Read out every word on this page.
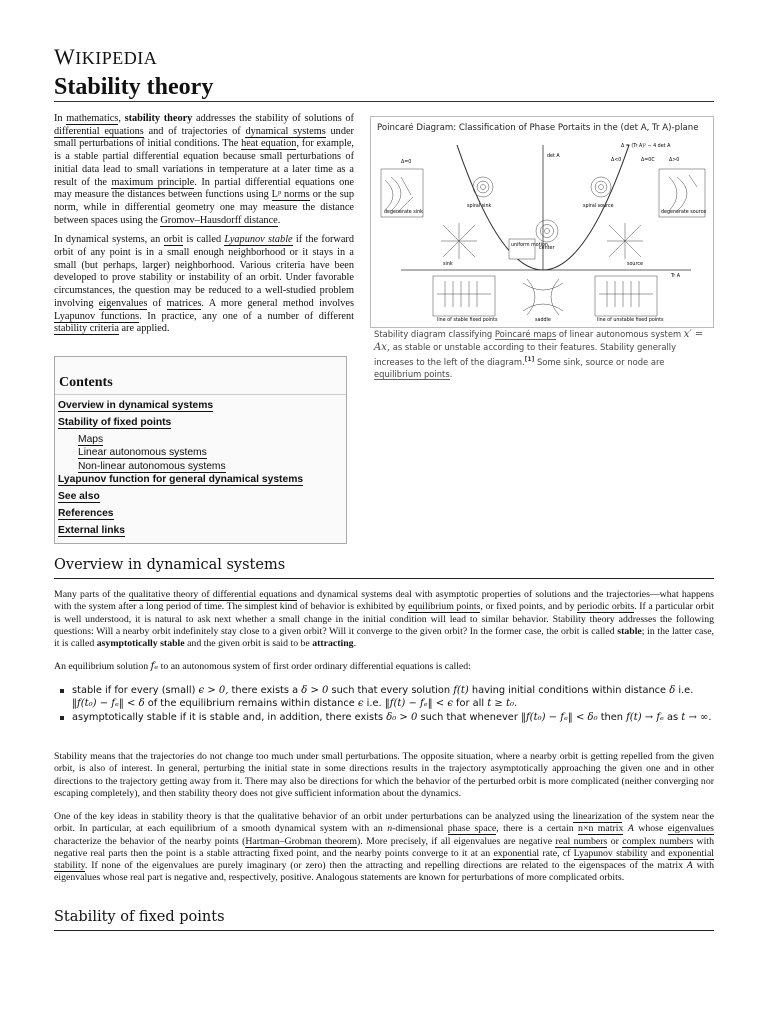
WIKIPEDIA
Stability theory

In mathematics, stability theory addresses the stability of solutions of differential equations and of trajectories of dynamical systems under small perturbations of initial conditions. The heat equation, for example, is a stable partial differential equation because small perturbations of initial data lead to small variations in temperature at a later time as a result of the maximum principle. In partial differential equations one may measure the distances between functions using Lᵖ norms or the sup norm, while in differential geometry one may measure the distance between spaces using the Gromov–Hausdorff distance.

In dynamical systems, an orbit is called Lyapunov stable if the forward orbit of any point is in a small enough neighborhood or it stays in a small (but perhaps, larger) neighborhood. Various criteria have been developed to prove stability or instability of an orbit. Under favorable circumstances, the question may be reduced to a well-studied problem involving eigenvalues of matrices. A more general method involves Lyapunov functions. In practice, any one of a number of different stability criteria are applied.

Poincaré Diagram: Classification of Phase Portaits in the (det A, Tr A)-plane
det A
Tr A
Δ=0
Δ = (Tr A)² − 4 det A
Δ<0	Δ=0C	Δ>0
degenerate sink
spiral sink	spiral source
degenerate source
center
uniform motion
sink	source
line of stable fixed points	saddle	line of unstable fixed points
Stability diagram classifying Poincaré maps of linear autonomous system x′ = Ax, as stable or unstable according to their features. Stability generally increases to the left of the diagram.[1] Some sink, source or node are equilibrium points.
Contents
Overview in dynamical systems
Stability of fixed points
Maps
Linear autonomous systems
Non-linear autonomous systems
Lyapunov function for general dynamical systems
See also
References
External links
Overview in dynamical systems

Many parts of the qualitative theory of differential equations and dynamical systems deal with asymptotic properties of solutions and the trajectories—what happens with the system after a long period of time. The simplest kind of behavior is exhibited by equilibrium points, or fixed points, and by periodic orbits. If a particular orbit is well understood, it is natural to ask next whether a small change in the initial condition will lead to similar behavior. Stability theory addresses the following questions: Will a nearby orbit indefinitely stay close to a given orbit? Will it converge to the given orbit? In the former case, the orbit is called stable; in the latter case, it is called asymptotically stable and the given orbit is said to be attracting.

An equilibrium solution fₑ to an autonomous system of first order ordinary differential equations is called:

stable if for every (small) ϵ > 0, there exists a δ > 0 such that every solution f(t) having initial conditions within distance δ i.e. ‖f(t₀) − fₑ‖ < δ of the equilibrium remains within distance ϵ i.e. ‖f(t) − fₑ‖ < ϵ for all t ≥ t₀.
asymptotically stable if it is stable and, in addition, there exists δ₀ > 0 such that whenever ‖f(t₀) − fₑ‖ < δ₀ then f(t) → fₑ as t → ∞.

Stability means that the trajectories do not change too much under small perturbations. The opposite situation, where a nearby orbit is getting repelled from the given orbit, is also of interest. In general, perturbing the initial state in some directions results in the trajectory asymptotically approaching the given one and in other directions to the trajectory getting away from it. There may also be directions for which the behavior of the perturbed orbit is more complicated (neither converging nor escaping completely), and then stability theory does not give sufficient information about the dynamics.

One of the key ideas in stability theory is that the qualitative behavior of an orbit under perturbations can be analyzed using the linearization of the system near the orbit. In particular, at each equilibrium of a smooth dynamical system with an n-dimensional phase space, there is a certain n×n matrix A whose eigenvalues characterize the behavior of the nearby points (Hartman–Grobman theorem). More precisely, if all eigenvalues are negative real numbers or complex numbers with negative real parts then the point is a stable attracting fixed point, and the nearby points converge to it at an exponential rate, cf Lyapunov stability and exponential stability. If none of the eigenvalues are purely imaginary (or zero) then the attracting and repelling directions are related to the eigenspaces of the matrix A with eigenvalues whose real part is negative and, respectively, positive. Analogous statements are known for perturbations of more complicated orbits.

Stability of fixed points
